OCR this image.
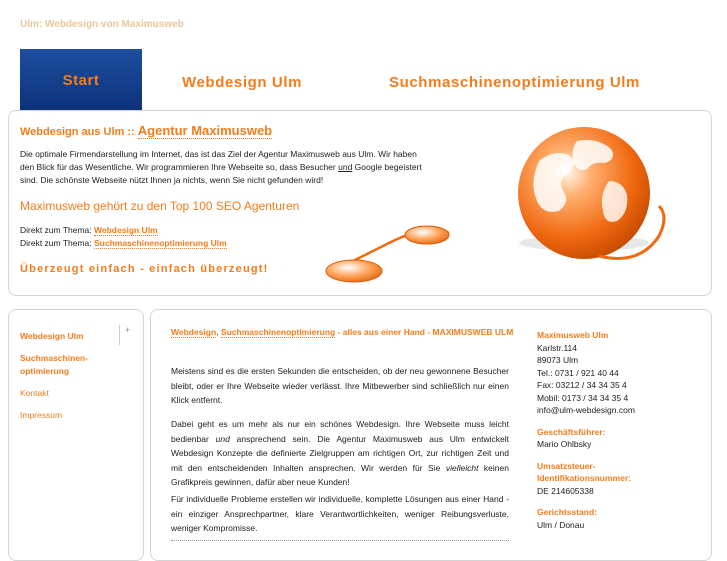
Ulm: Webdesign von Maximusweb
Start	Webdesign Ulm	Suchmaschinenoptimierung Ulm
Webdesign aus Ulm :: Agentur Maximusweb
Die optimale Firmendarstellung im Internet, das ist das Ziel der Agentur Maximusweb aus Ulm. Wir haben den Blick für das Wesentliche. Wir programmieren Ihre Webseite so, dass Besucher und Google begeistert sind. Die schönste Webseite nützt Ihnen ja nichts, wenn Sie nicht gefunden wird!
Maximusweb gehört zu den Top 100 SEO Agenturen
Direkt zum Thema: Webdesign Ulm
Direkt zum Thema: Suchmaschinenoptimierung Ulm
Überzeugt einfach - einfach überzeugt!
Webdesign Ulm
+
Suchmaschinen-
optimierung
Kontakt
Impressum
Webdesign, Suchmaschinenoptimierung - alles aus einer Hand - MAXIMUSWEB ULM
Meistens sind es die ersten Sekunden die entscheiden, ob der neu gewonnene Besucher bleibt, oder er Ihre Webseite wieder verlässt. Ihre Mitbewerber sind schließlich nur einen Klick entfernt.
Dabei geht es um mehr als nur ein schönes Webdesign. Ihre Webseite muss leicht bedienbar und ansprechend sein. Die Agentur Maximusweb aus Ulm entwickelt Webdesign Konzepte die definierte Zielgruppen am richtigen Ort, zur richtigen Zeit und mit den entscheidenden Inhalten ansprechen. Wir werden für Sie vielleicht keinen Grafikpreis gewinnen, dafür aber neue Kunden!
Für individuelle Probleme erstellen wir individuelle, komplette Lösungen aus einer Hand - ein einziger Ansprechpartner, klare Verantwortlichkeiten, weniger Reibungsverluste, weniger Kompromisse.
Maximusweb Ulm
Karlstr.114
89073 Ulm
Tel.: 0731 / 921 40 44
Fax: 03212 / 34 34 35 4
Mobil: 0173 / 34 34 35 4
info@ulm-webdesign.com
Geschäftsführer:
Mario Ohlbsky
Umsatzsteuer-
Identifikationsnummer:
DE 214605338
Gerichtsstand:
Ulm / Donau
